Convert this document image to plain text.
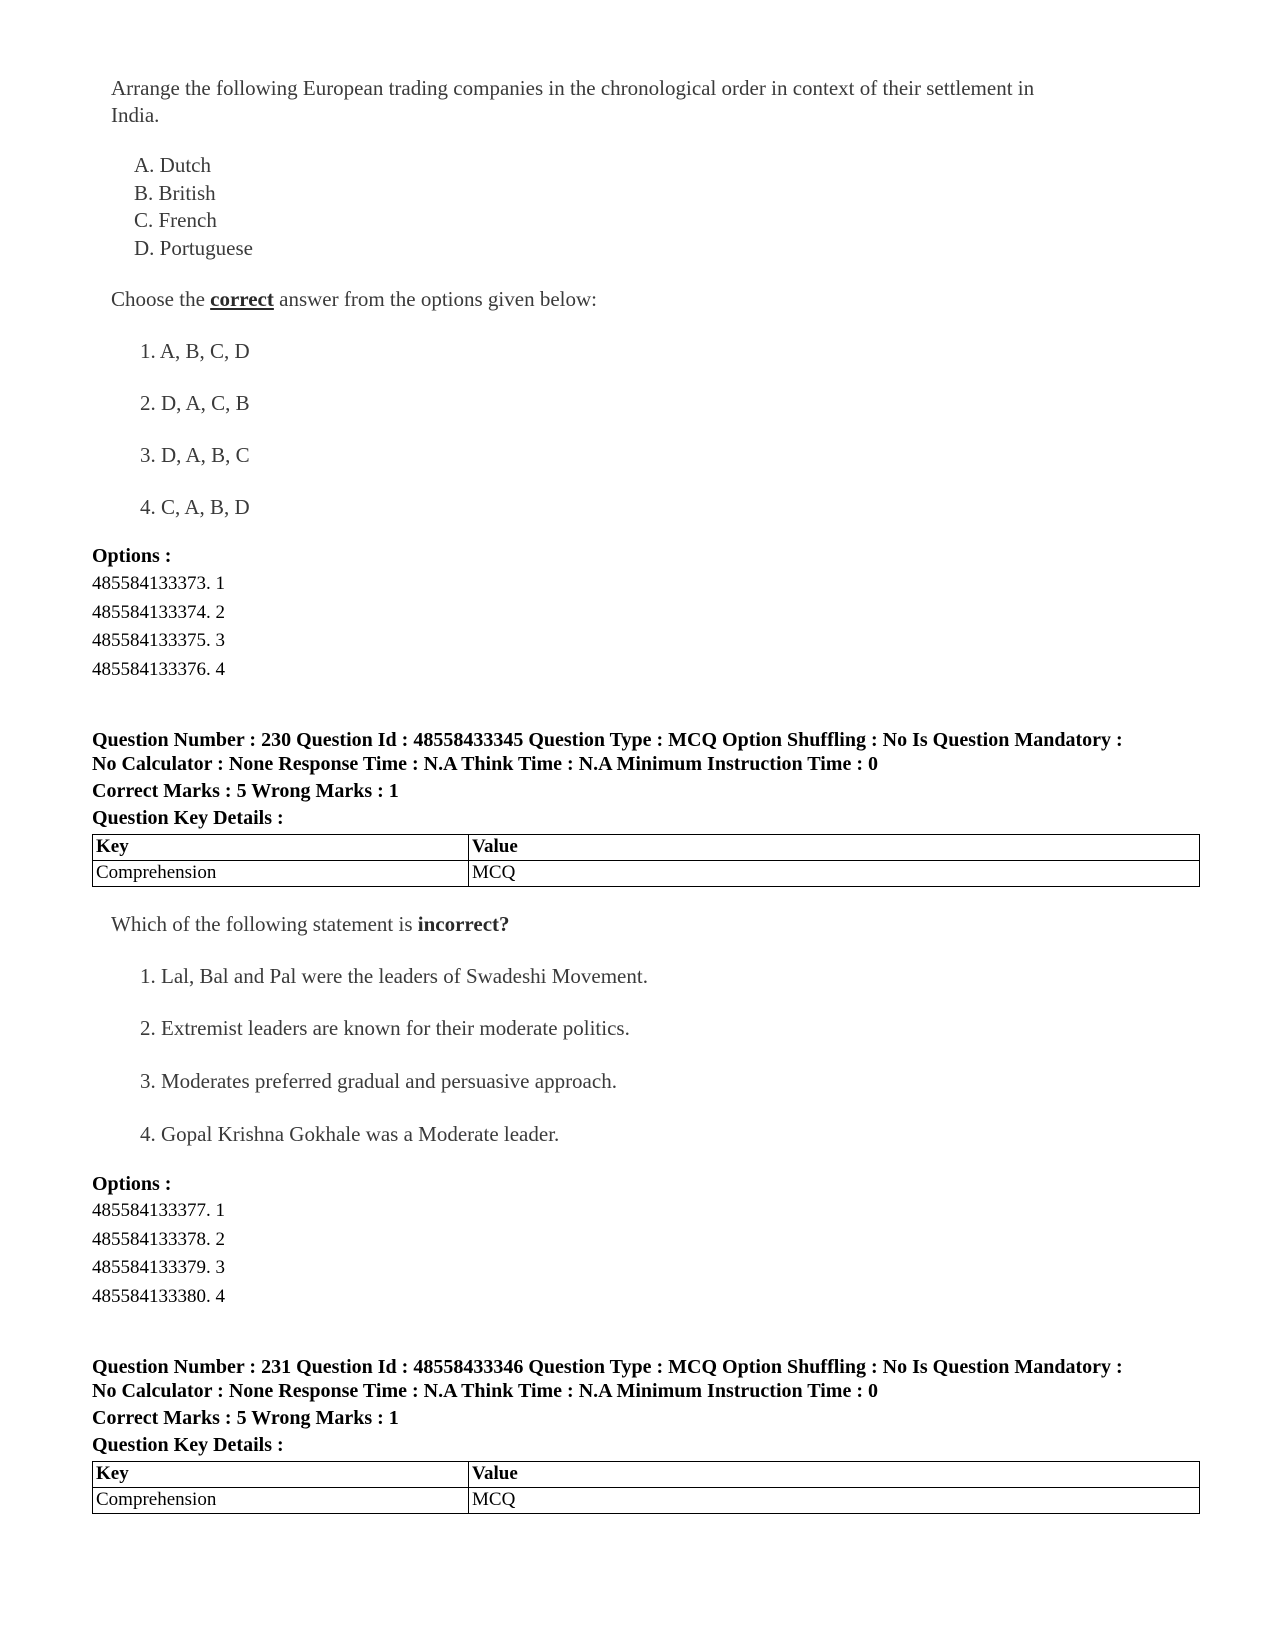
Arrange the following European trading companies in the chronological order in context of their settlement in
India.
A. Dutch
B. British
C. French
D. Portuguese
Choose the correct answer from the options given below:
1. A, B, C, D
2. D, A, C, B
3. D, A, B, C
4. C, A, B, D
Options :
485584133373. 1
485584133374. 2
485584133375. 3
485584133376. 4
Question Number : 230 Question Id : 48558433345 Question Type : MCQ Option Shuffling : No Is Question Mandatory :
No Calculator : None Response Time : N.A Think Time : N.A Minimum Instruction Time : 0
Correct Marks : 5 Wrong Marks : 1
Question Key Details :
Key	Value
Comprehension	MCQ
Which of the following statement is incorrect?
1. Lal, Bal and Pal were the leaders of Swadeshi Movement.
2. Extremist leaders are known for their moderate politics.
3. Moderates preferred gradual and persuasive approach.
4. Gopal Krishna Gokhale was a Moderate leader.
Options :
485584133377. 1
485584133378. 2
485584133379. 3
485584133380. 4
Question Number : 231 Question Id : 48558433346 Question Type : MCQ Option Shuffling : No Is Question Mandatory :
No Calculator : None Response Time : N.A Think Time : N.A Minimum Instruction Time : 0
Correct Marks : 5 Wrong Marks : 1
Question Key Details :
Key	Value
Comprehension	MCQ
